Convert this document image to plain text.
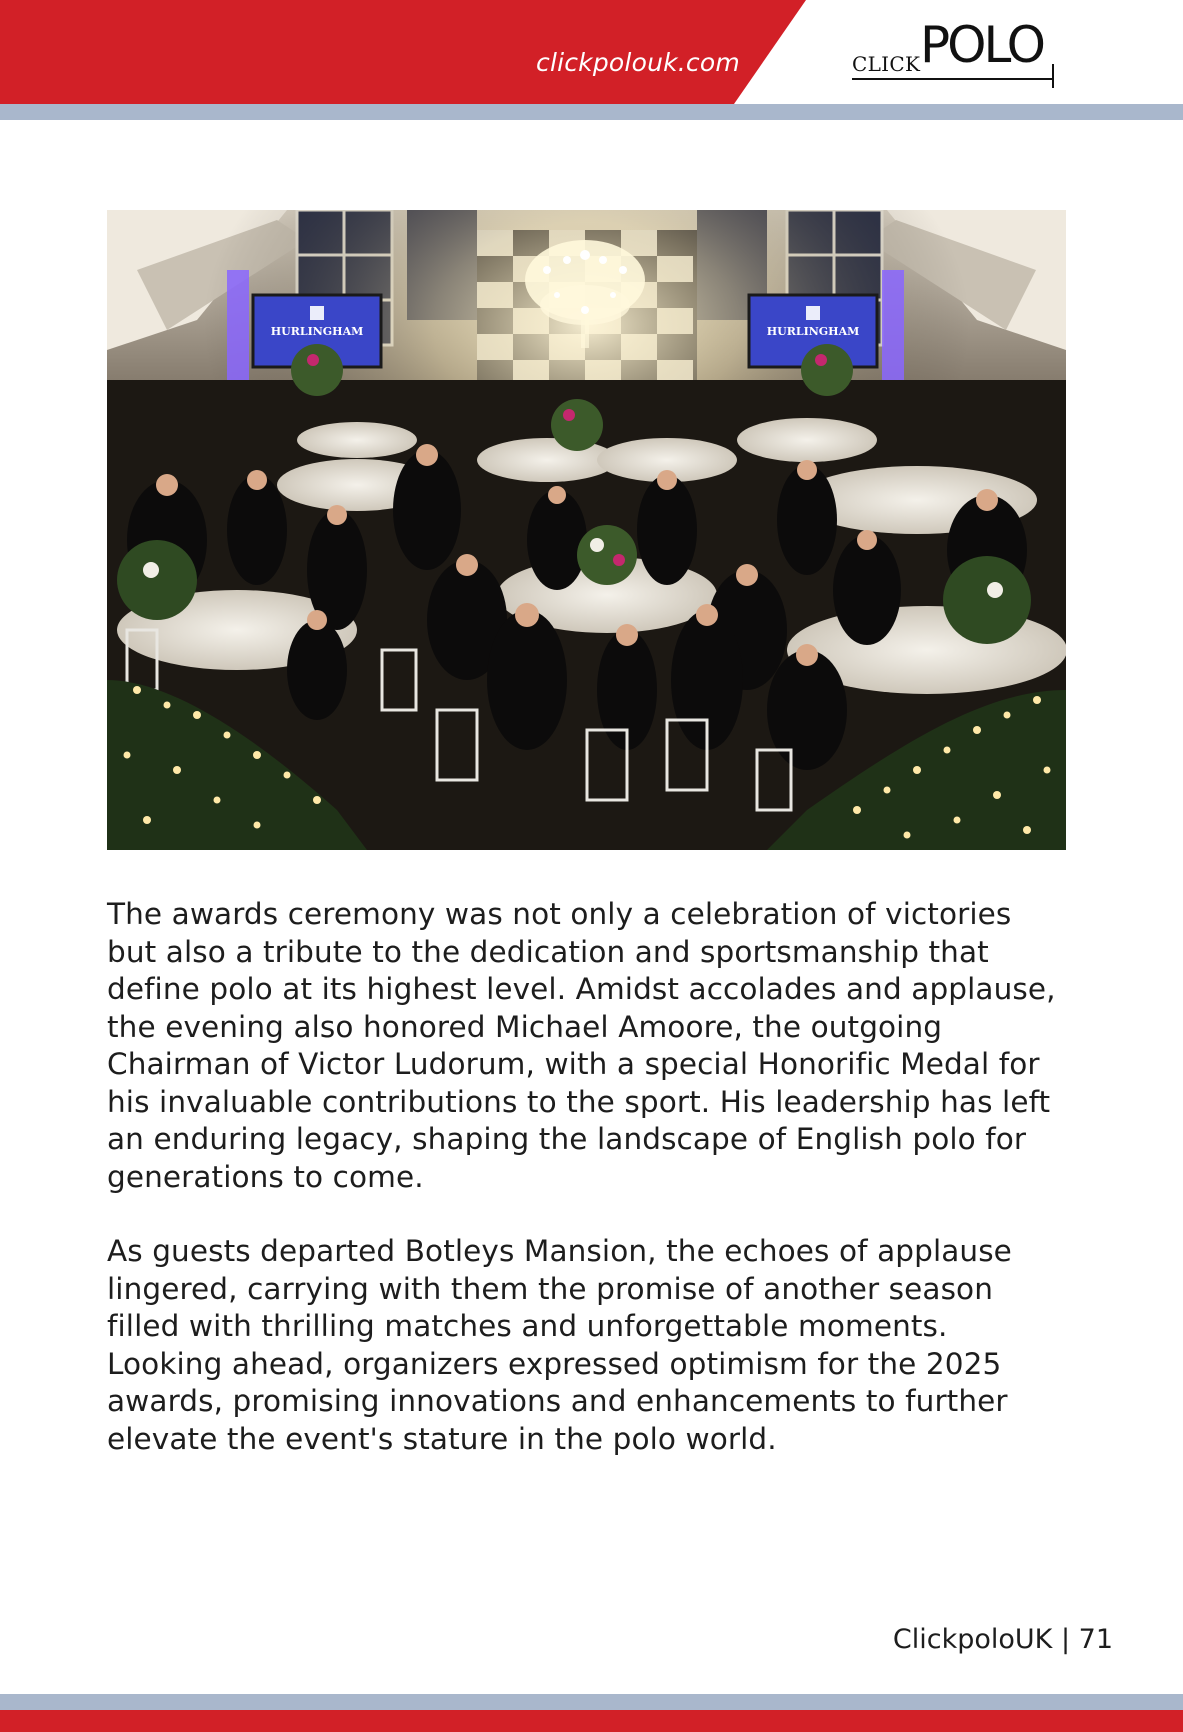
clickpolouk.com	CLICK POLO
HURLINGHAM	HURLINGHAM

The awards ceremony was not only a celebration of victories but also a tribute to the dedication and sportsmanship that define polo at its highest level. Amidst accolades and applause, the evening also honored Michael Amoore, the outgoing Chairman of Victor Ludorum, with a special Honorific Medal for his invaluable contributions to the sport. His leadership has left an enduring legacy, shaping the landscape of English polo for generations to come.

As guests departed Botleys Mansion, the echoes of applause lingered, carrying with them the promise of another season filled with thrilling matches and unforgettable moments. Looking ahead, organizers expressed optimism for the 2025 awards, promising innovations and enhancements to further elevate the event's stature in the polo world.

ClickpoloUK | 71
